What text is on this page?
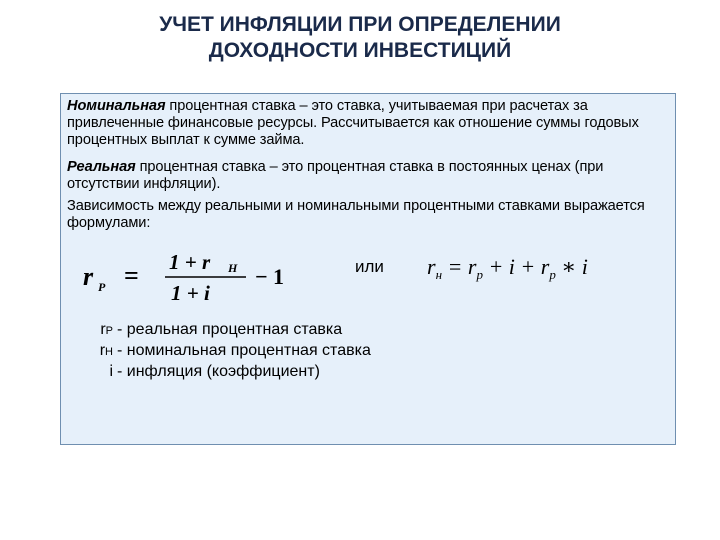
УЧЕТ ИНФЛЯЦИИ ПРИ ОПРЕДЕЛЕНИИ
ДОХОДНОСТИ ИНВЕСТИЦИЙ
Номинальная процентная ставка – это ставка, учитываемая при расчетах за привлеченные финансовые ресурсы. Рассчитывается как отношение суммы годовых процентных выплат к сумме займа.
Реальная процентная ставка – это процентная ставка в постоянных ценах (при отсутствии инфляции).
Зависимость между реальными и номинальными процентными ставками выражается формулами:
r P = 1 + r H
1 + i
− 1	или $r_н = r_p + i + r_p$ ∗ i
rP - реальная процентная ставка
rH - номинальная процентная ставка
i - инфляция (коэффициент)
